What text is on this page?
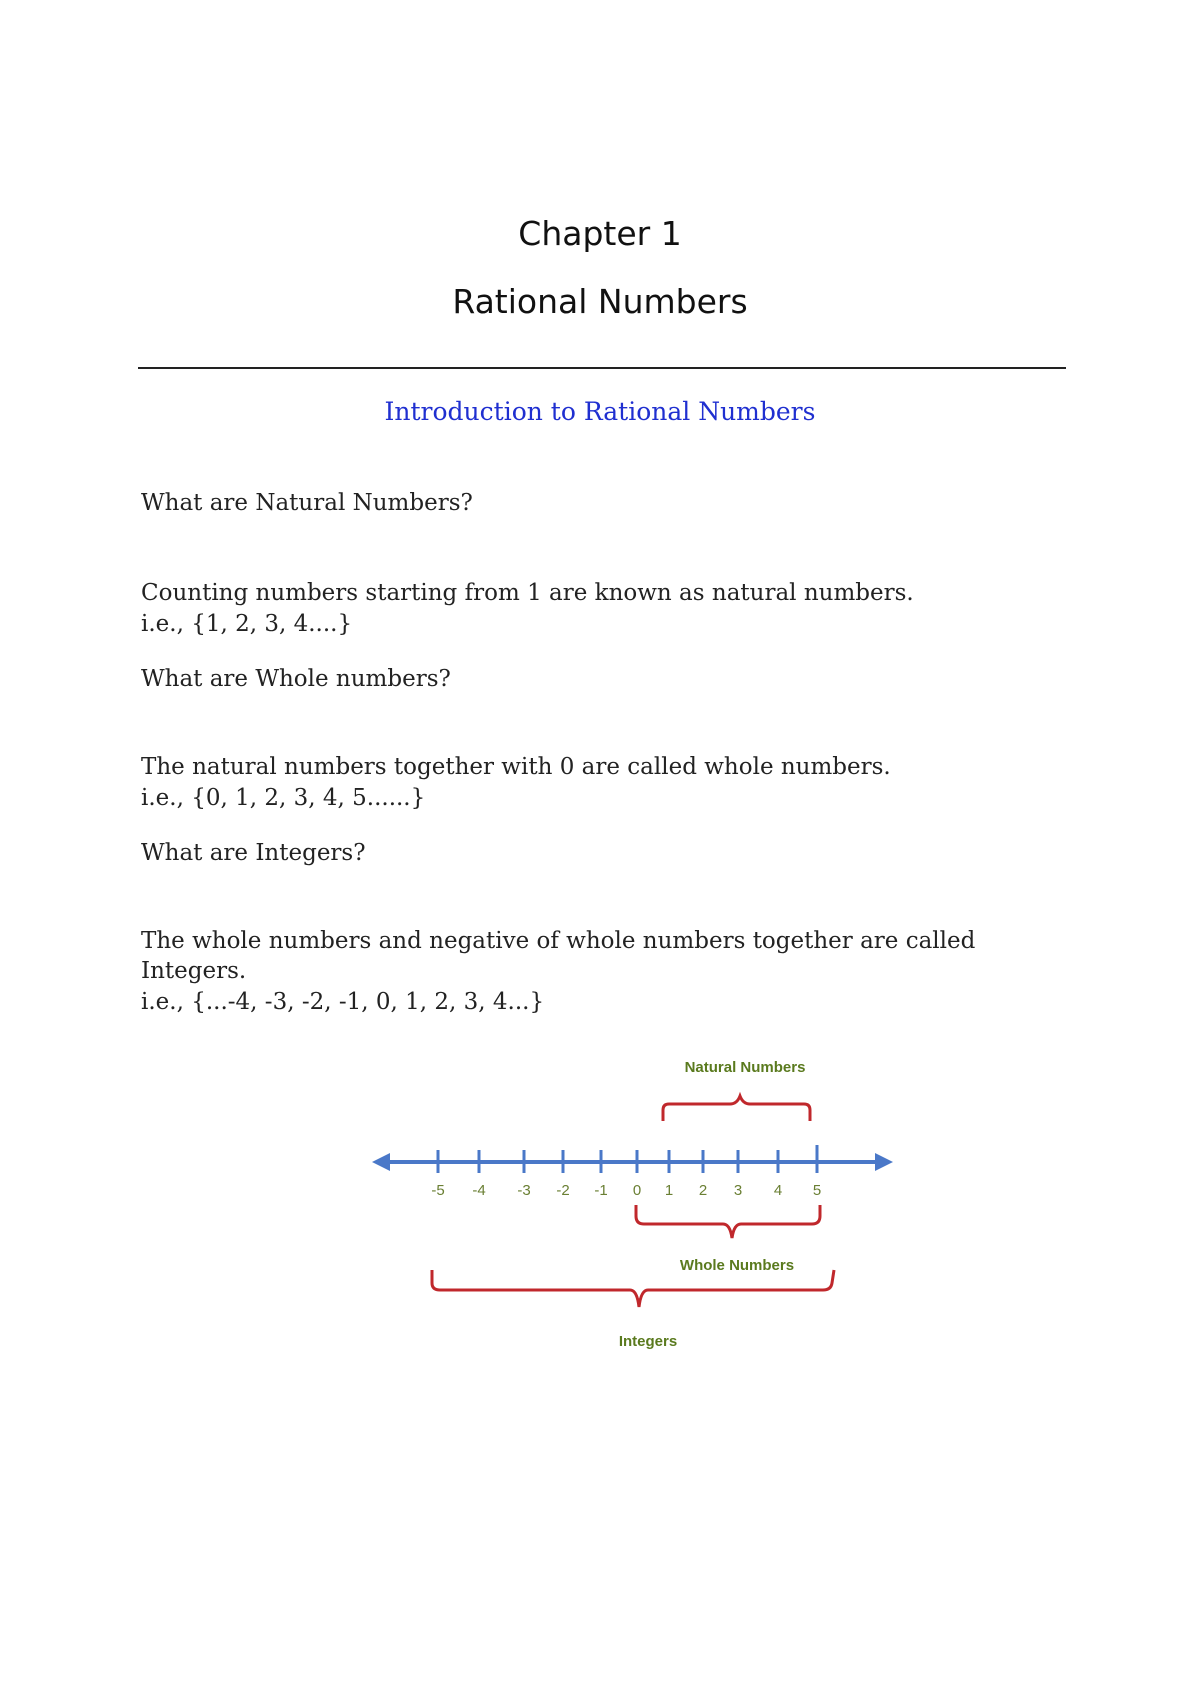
Chapter 1
Rational Numbers
Introduction to Rational Numbers
What are Natural Numbers?
Counting numbers starting from 1 are known as natural numbers.
i.e., {1, 2, 3, 4....}
What are Whole numbers?
The natural numbers together with 0 are called whole numbers.
i.e., {0, 1, 2, 3, 4, 5......}
What are Integers?
The whole numbers and negative of whole numbers together are called
Integers.
i.e., {...-4, -3, -2, -1, 0, 1, 2, 3, 4...}
-5 -4 -3 -2 -1 0 1 2 3 4 5
Natural Numbers
Whole Numbers
Integers
